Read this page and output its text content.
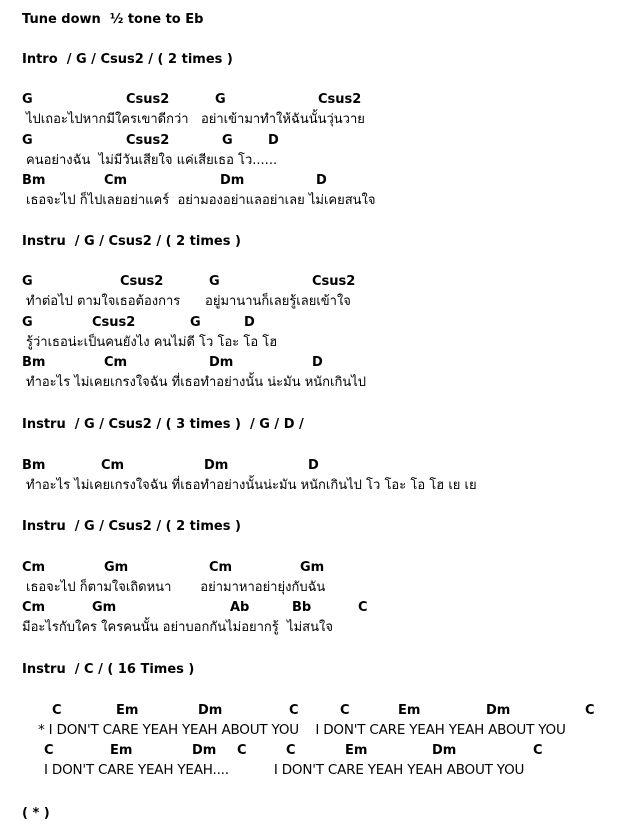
Tune down  ½ tone to Eb
Intro  / G / Csus2 / ( 2 times )
G	Csus2	G	Csus2
ไปเถอะไปหากมีใครเขาดีกว่า   อย่าเข้ามาทำให้ฉันนั้นวุ่นวาย
G	Csus2	G	D
คนอย่างฉัน  ไม่มีวันเสียใจ แค่เสียเธอ โว......
Bm	Cm	Dm	D
เธอจะไป ก็ไปเลยอย่าแคร์  อย่ามองอย่าแลอย่าเลย ไม่เคยสนใจ
Instru  / G / Csus2 / ( 2 times )
G	Csus2	G	Csus2
ทำต่อไป ตามใจเธอต้องการ      อยู่มานานก็เลยรู้เลยเข้าใจ
G	Csus2	G	D
รู้ว่าเธอน่ะเป็นคนยังไง คนไม่ดี โว โอะ โอ โฮ
Bm	Cm	Dm	D
ทำอะไร ไม่เคยเกรงใจฉัน ที่เธอทำอย่างนั้น น่ะมัน หนักเกินไป
Instru  / G / Csus2 / ( 3 times )  / G / D /
Bm	Cm	Dm	D
ทำอะไร ไม่เคยเกรงใจฉัน ที่เธอทำอย่างนั้นน่ะมัน หนักเกินไป โว โอะ โอ โฮ เย เย
Instru  / G / Csus2 / ( 2 times )
Cm	Gm	Cm	Gm
เธอจะไป ก็ตามใจเถิดหนา       อย่ามาหาอย่ายุ่งกับฉัน
Cm	Gm	Ab	Bb	C
มีอะไรกับใคร ใครคนนั้น อย่าบอกกันไม่อยากรู้  ไม่สนใจ
Instru  / C / ( 16 Times )
C	Em	Dm	C	C	Em	Dm	C
* I DON'T CARE YEAH YEAH ABOUT YOU    I DON'T CARE YEAH YEAH ABOUT YOU
C	Em	Dm C	C	Em	Dm	C
I DON'T CARE YEAH YEAH....           I DON'T CARE YEAH YEAH ABOUT YOU
( * )
